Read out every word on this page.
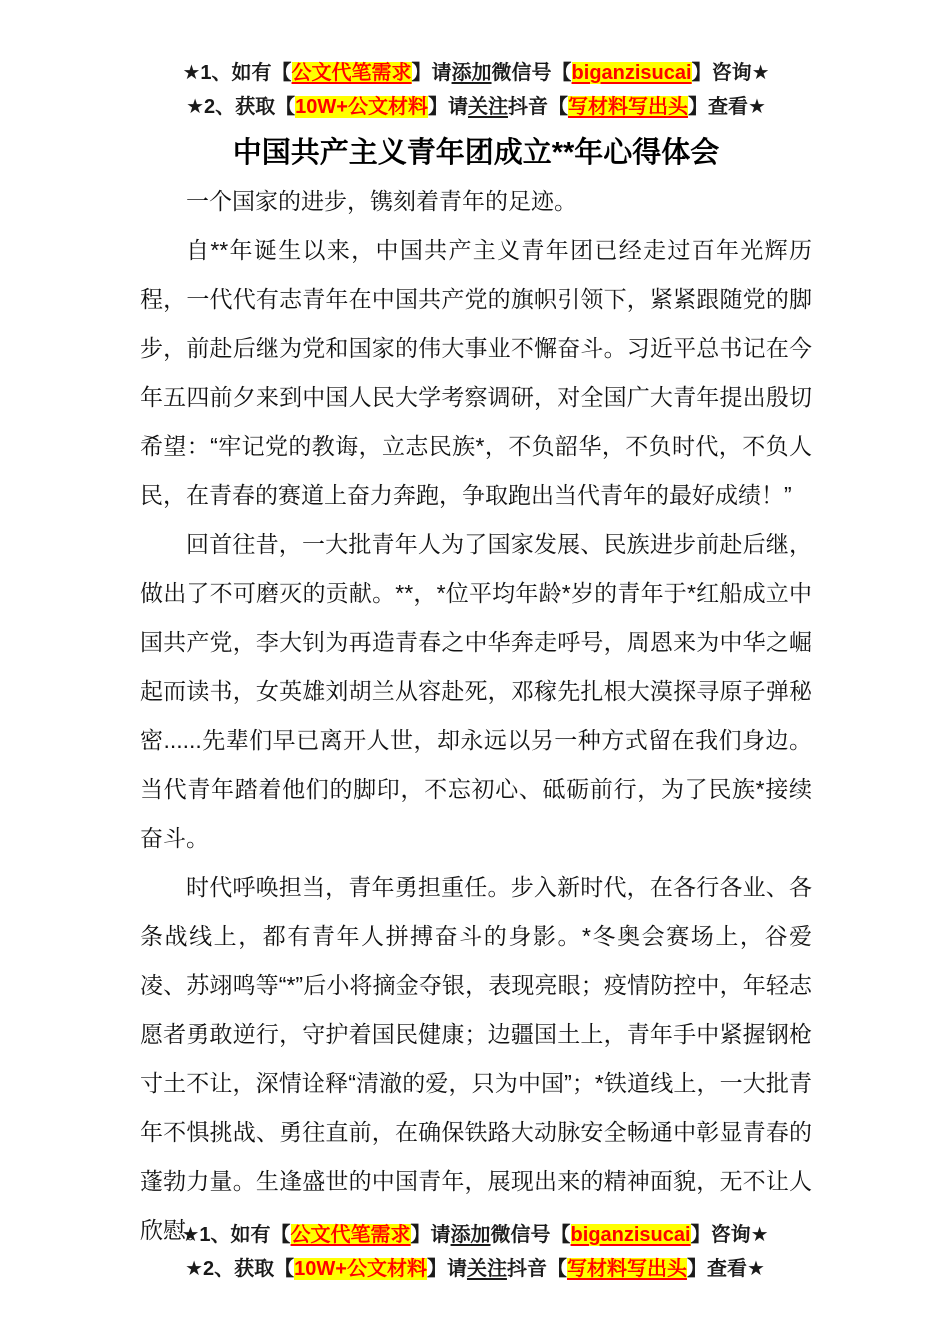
★1、如有【公文代笔需求】请添加微信号【biganzisucai】咨询★
★2、获取【10W+公文材料】请关注抖音【写材料写出头】查看★
中国共产主义青年团成立**年心得体会

一个国家的进步，镌刻着青年的足迹。

自**年诞生以来，中国共产主义青年团已经走过百年光辉历程，一代代有志青年在中国共产党的旗帜引领下，紧紧跟随党的脚步，前赴后继为党和国家的伟大事业不懈奋斗。习近平总书记在今年五四前夕来到中国人民大学考察调研，对全国广大青年提出殷切希望：“牢记党的教诲，立志民族*，不负韶华，不负时代，不负人民，在青春的赛道上奋力奔跑，争取跑出当代青年的最好成绩！”

回首往昔，一大批青年人为了国家发展、民族进步前赴后继，做出了不可磨灭的贡献。**，*位平均年龄*岁的青年于*红船成立中国共产党，李大钊为再造青春之中华奔走呼号，周恩来为中华之崛起而读书，女英雄刘胡兰从容赴死，邓稼先扎根大漠探寻原子弹秘密......先辈们早已离开人世，却永远以另一种方式留在我们身边。当代青年踏着他们的脚印，不忘初心、砥砺前行，为了民族*接续奋斗。

时代呼唤担当，青年勇担重任。步入新时代，在各行各业、各条战线上，都有青年人拼搏奋斗的身影。*冬奥会赛场上，谷爱凌、苏翊鸣等“*”后小将摘金夺银，表现亮眼；疫情防控中，年轻志愿者勇敢逆行，守护着国民健康；边疆国土上，青年手中紧握钢枪寸土不让，深情诠释“清澈的爱，只为中国”；*铁道线上，一大批青年不惧挑战、勇往直前，在确保铁路大动脉安全畅通中彰显青春的蓬勃力量。生逢盛世的中国青年，展现出来的精神面貌，无不让人欣慰。

★1、如有【公文代笔需求】请添加微信号【biganzisucai】咨询★
★2、获取【10W+公文材料】请关注抖音【写材料写出头】查看★
